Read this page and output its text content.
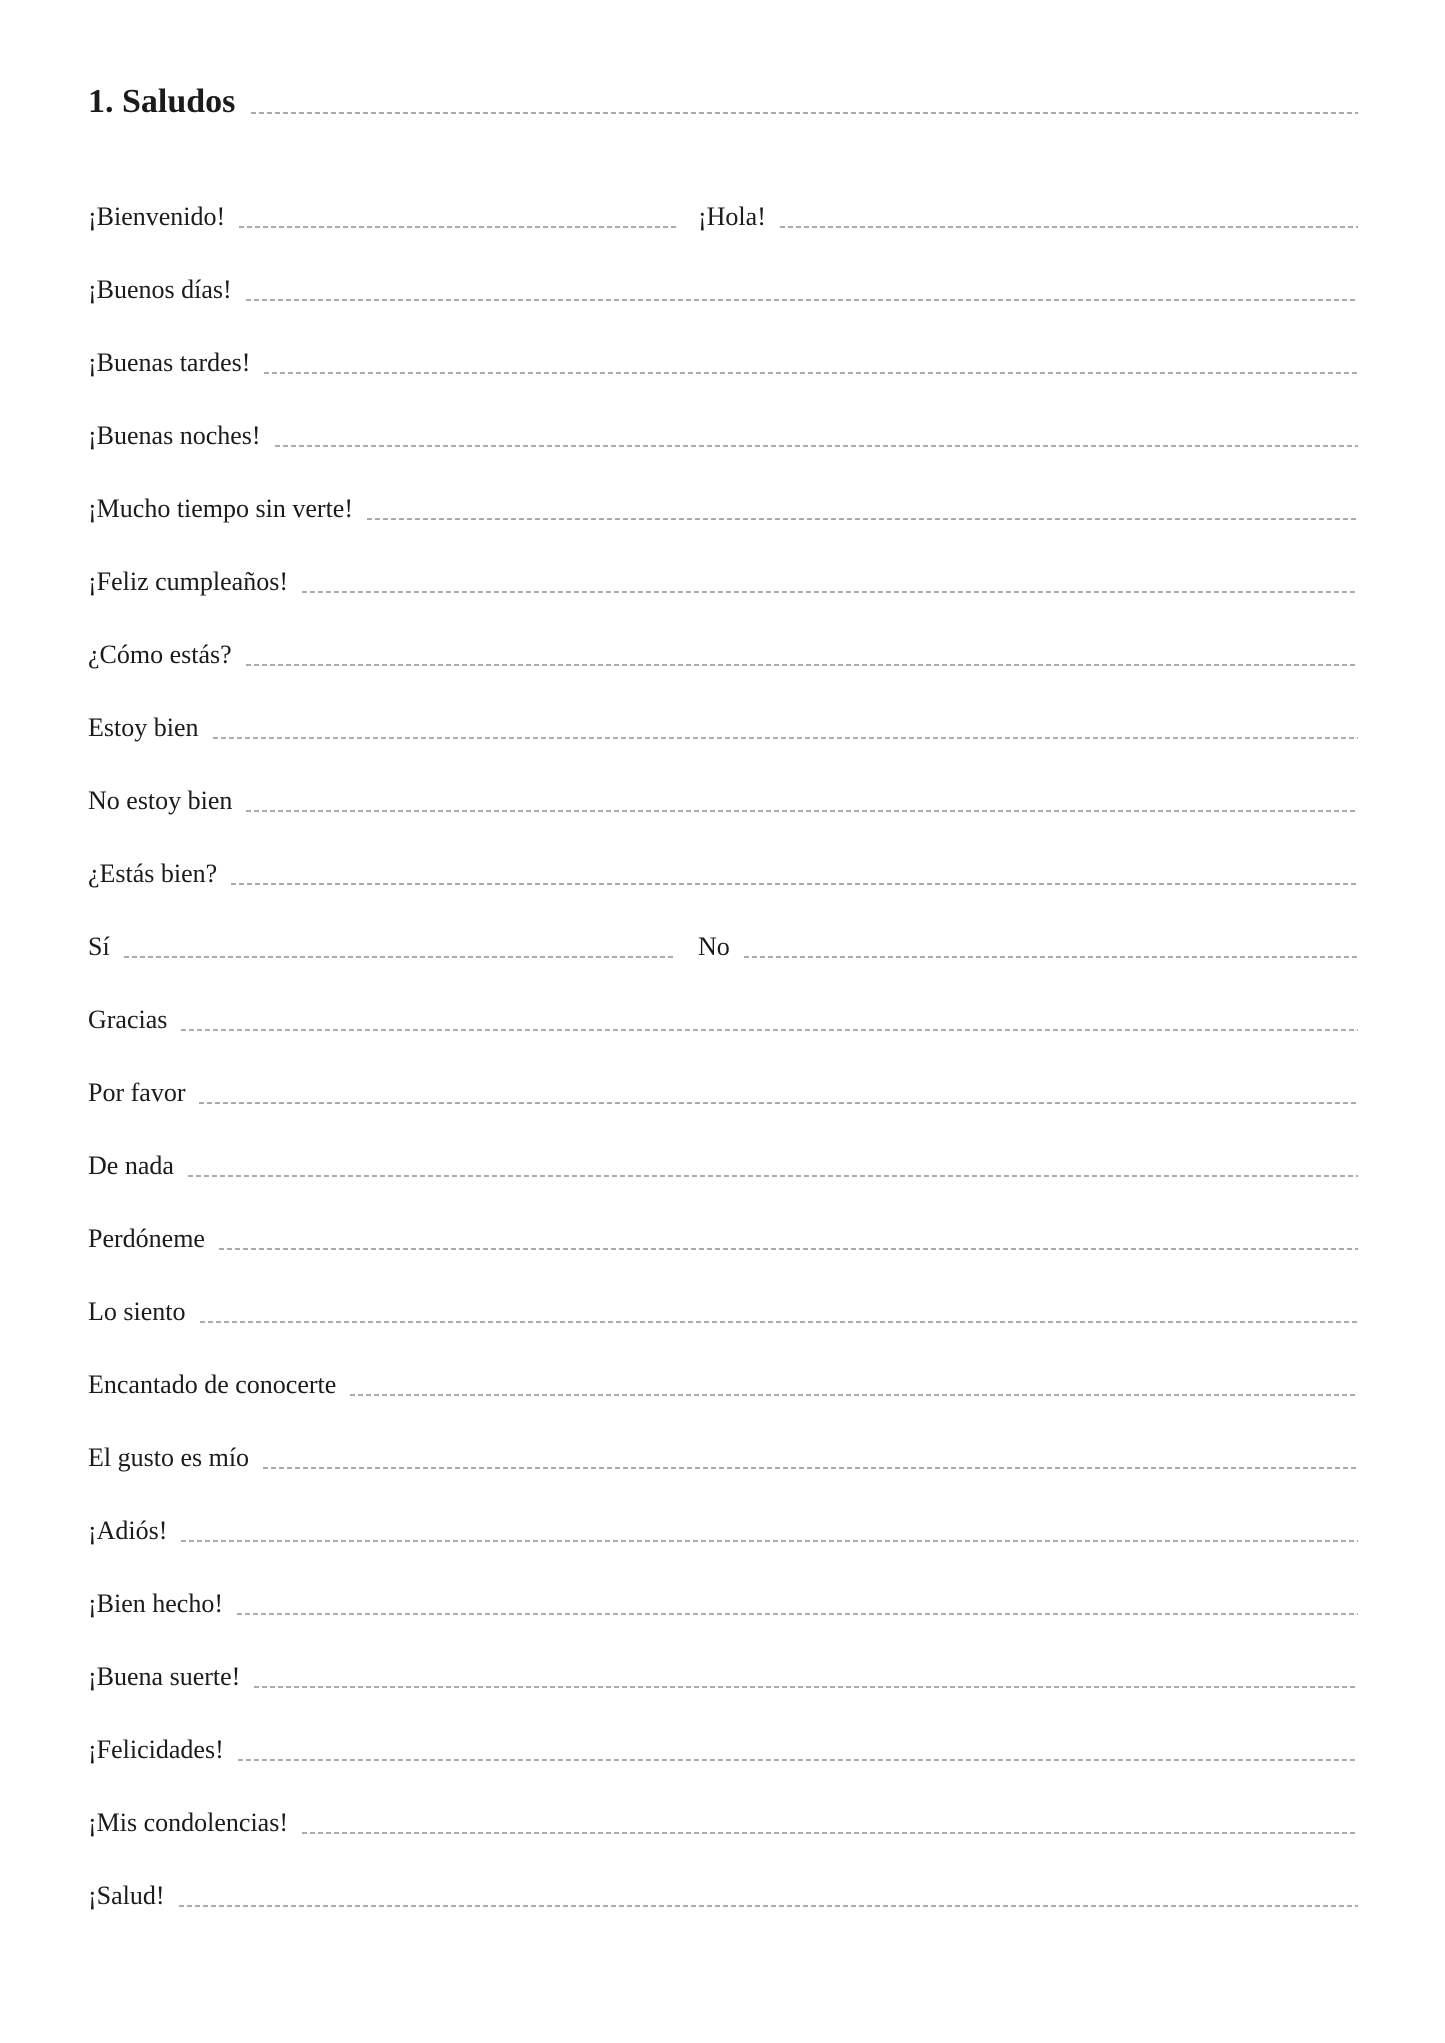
1. Saludos
¡Bienvenido!	¡Hola!
¡Buenos días!
¡Buenas tardes!
¡Buenas noches!
¡Mucho tiempo sin verte!
¡Feliz cumpleaños!
¿Cómo estás?
Estoy bien
No estoy bien
¿Estás bien?
Sí	No
Gracias
Por favor
De nada
Perdóneme
Lo siento
Encantado de conocerte
El gusto es mío
¡Adiós!
¡Bien hecho!
¡Buena suerte!
¡Felicidades!
¡Mis condolencias!
¡Salud!
